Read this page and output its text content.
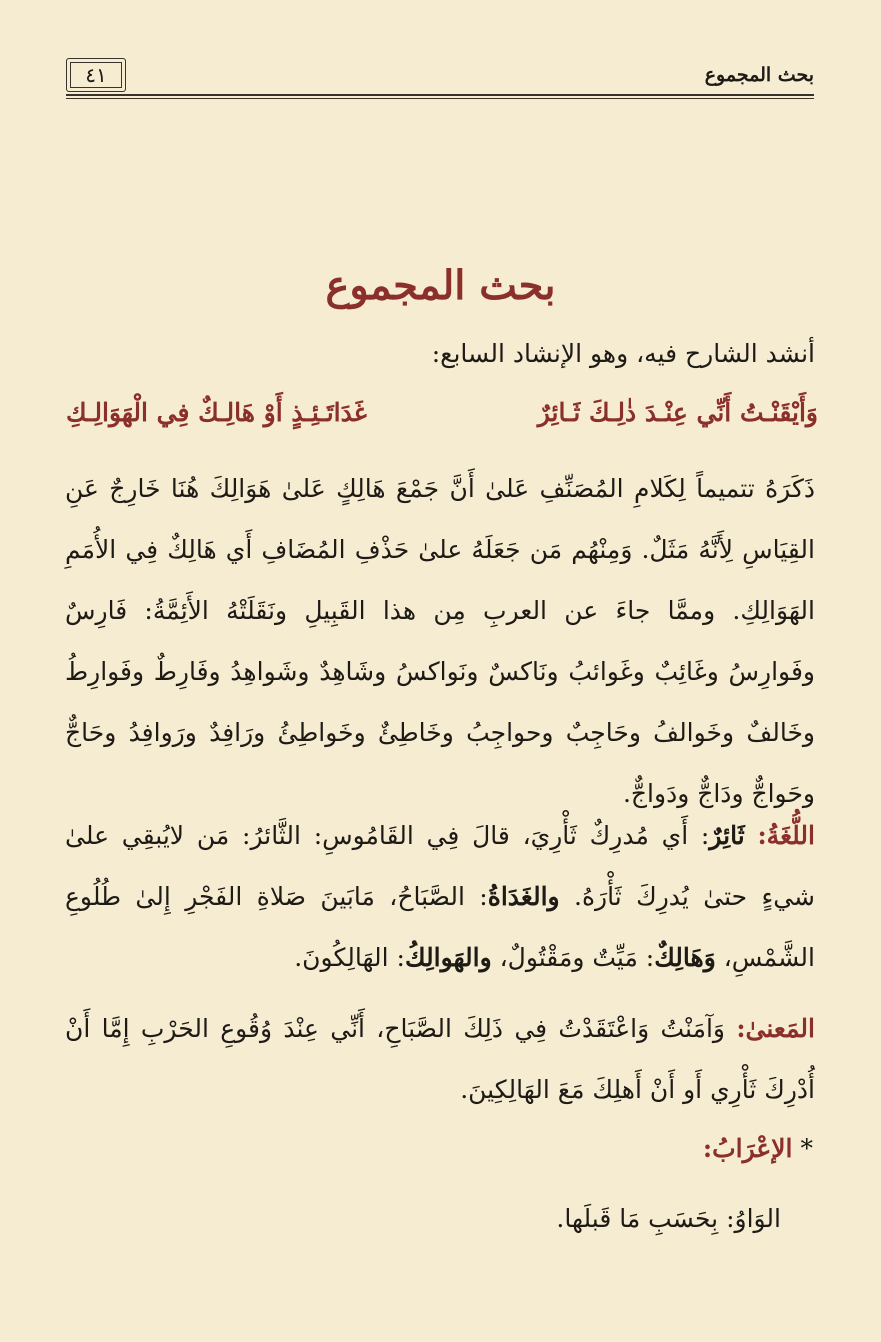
٤١	بحث المجموع
بحث المجموع
أنشد الشارح فيه، وهو الإنشاد السابع:
وَأَيْقَنْـتُ أَنِّي عِنْـدَ ذٰلِـكَ ثَـائِرٌ
غَدَاتَـئِـذٍ أَوْ هَالِـكٌ فِي الْهَوَالِـكِ
ذَكَرَهُ تتميماً لِكَلامِ المُصَنِّفِ عَلىٰ أَنَّ جَمْعَ هَالِكٍ عَلىٰ هَوَالِكَ هُنَا خَارِجٌ عَنِ القِيَاسِ لِأَنَّهُ مَثَلٌ. وَمِنْهُم مَن جَعَلَهُ علىٰ حَذْفِ المُضَافِ أَي هَالِكٌ فِي الأُمَمِ الهَوَالِكِ. وممَّا جاءَ عن العربِ مِن هذا القَبِيلِ ونَقَلَتْهُ الأَئِمَّةُ: فَارِسٌ وفَوارِسُ وغَائِبٌ وغَوائبُ ونَاكسٌ ونَواكسُ وشَاهِدٌ وشَواهِدُ وفَارِطٌ وفَوارِطُ وخَالفٌ وخَوالفُ وحَاجِبٌ وحواجِبُ وخَاطِئٌ وخَواطِئُ ورَافِدٌ ورَوافِدُ وحَاجٌّ وحَواجٌّ ودَاجٌّ ودَواجٌّ.
اللُّغَةُ: ثَائِرٌ: أَي مُدرِكٌ ثَأْرِيَ، قالَ فِي القَامُوسِ: الثَّائرُ: مَن لايُبقِي علىٰ شيءٍ حتىٰ يُدرِكَ ثَأْرَهُ. والغَدَاةُ: الصَّبَاحُ، مَابَينَ صَلاةِ الفَجْرِ إِلىٰ طُلُوعِ الشَّمْسِ، وَهَالِكٌ: مَيِّتٌ ومَقْتُولٌ، والهَوالِكُ: الهَالِكُونَ.
المَعنىٰ: وَآمَنْتُ وَاعْتَقَدْتُ فِي ذَلِكَ الصَّبَاحِ، أَنِّي عِنْدَ وُقُوعِ الحَرْبِ إِمَّا أَنْ أُدْرِكَ ثَأْرِي أَو أَنْ أَهلِكَ مَعَ الهَالِكِينَ.
*الإعْرَابُ:
الوَاوُ: بِحَسَبِ مَا قَبلَها.
